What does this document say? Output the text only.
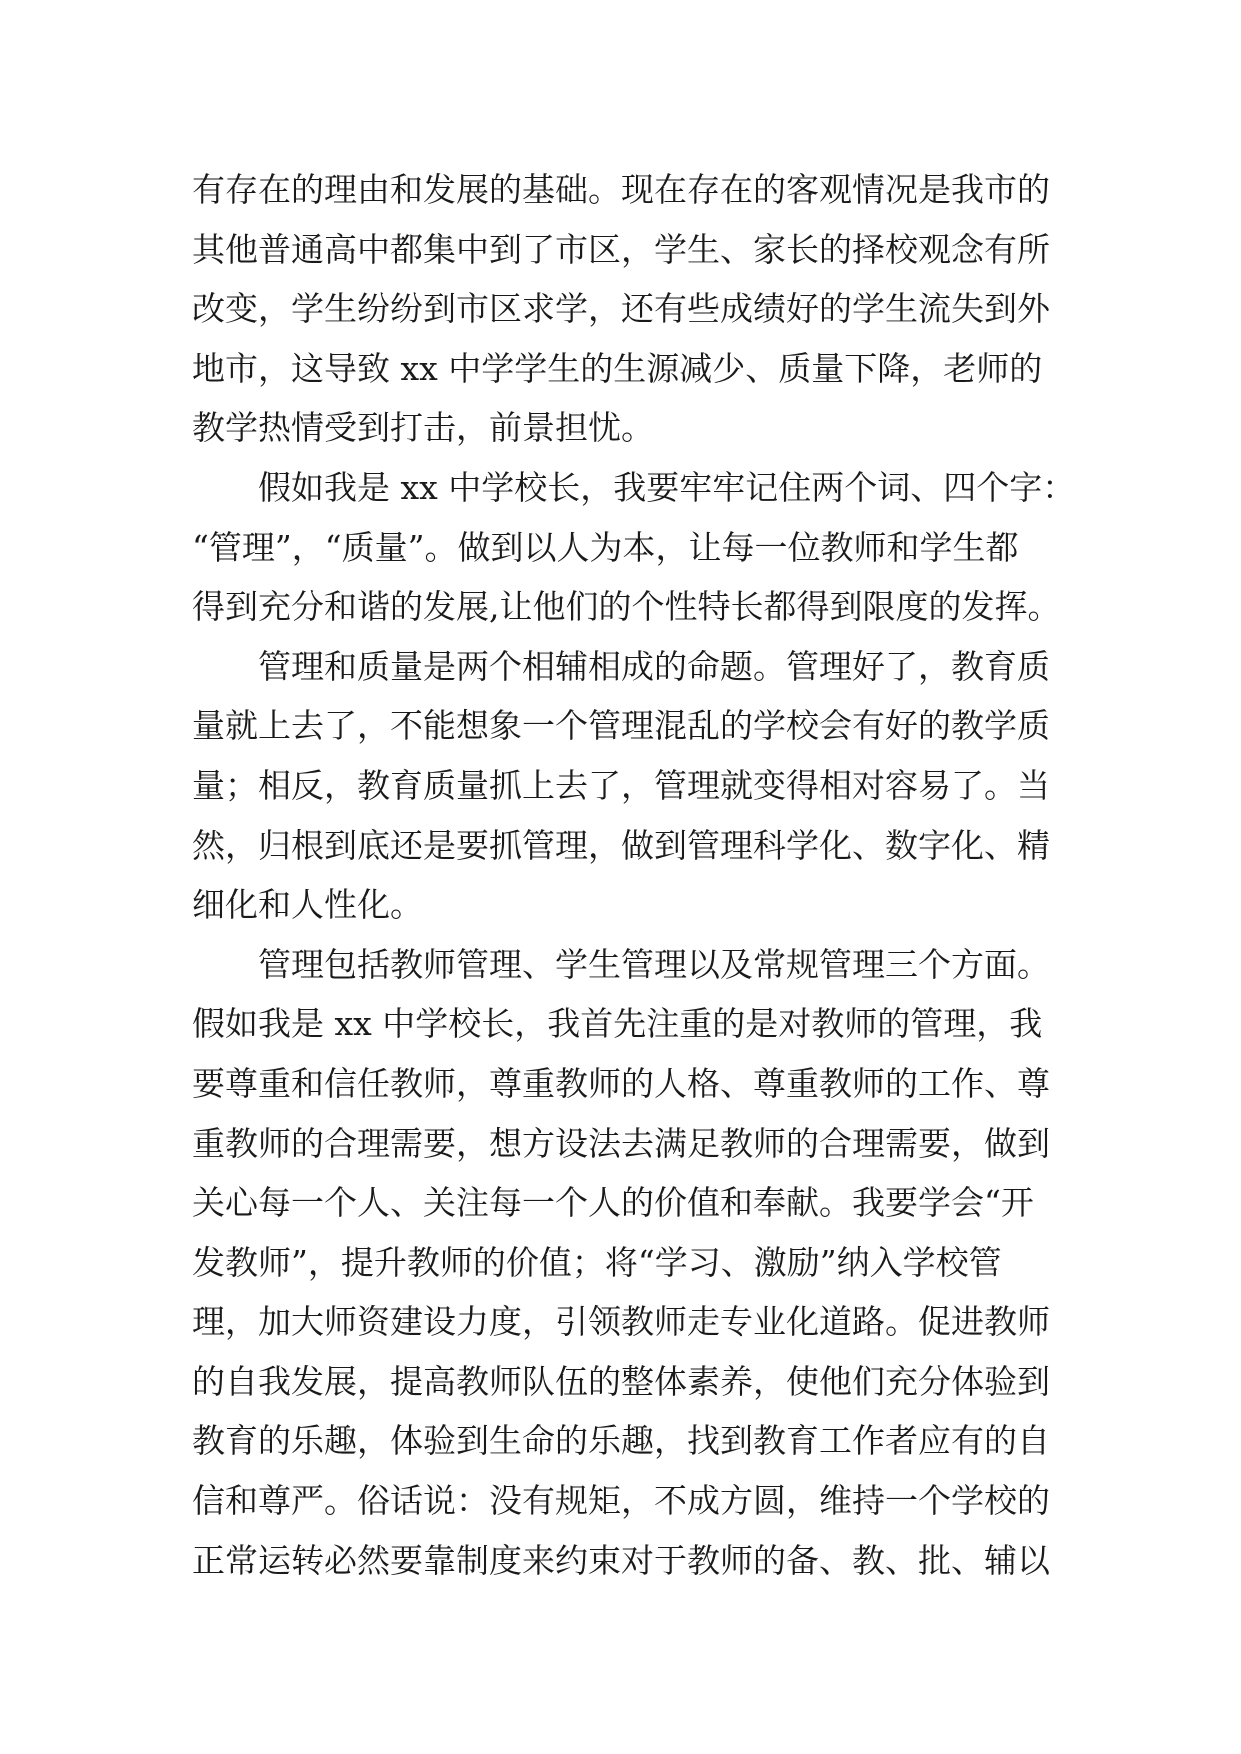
有存在的理由和发展的基础。现在存在的客观情况是我市的
其他普通高中都集中到了市区，学生、家长的择校观念有所
改变，学生纷纷到市区求学，还有些成绩好的学生流失到外
地市，这导致 xx 中学学生的生源减少、质量下降，老师的
教学热情受到打击，前景担忧。
假如我是 xx 中学校长，我要牢牢记住两个词、四个字：
“管理”，“质量”。做到以人为本，让每一位教师和学生都
得到充分和谐的发展,让他们的个性特长都得到限度的发挥。
管理和质量是两个相辅相成的命题。管理好了，教育质
量就上去了，不能想象一个管理混乱的学校会有好的教学质
量；相反，教育质量抓上去了，管理就变得相对容易了。当
然，归根到底还是要抓管理，做到管理科学化、数字化、精
细化和人性化。
管理包括教师管理、学生管理以及常规管理三个方面。
假如我是 xx 中学校长，我首先注重的是对教师的管理，我
要尊重和信任教师，尊重教师的人格、尊重教师的工作、尊
重教师的合理需要，想方设法去满足教师的合理需要，做到
关心每一个人、关注每一个人的价值和奉献。我要学会“开
发教师”，提升教师的价值；将“学习、激励”纳入学校管
理，加大师资建设力度，引领教师走专业化道路。促进教师
的自我发展，提高教师队伍的整体素养，使他们充分体验到
教育的乐趣，体验到生命的乐趣，找到教育工作者应有的自
信和尊严。俗话说：没有规矩，不成方圆，维持一个学校的
正常运转必然要靠制度来约束对于教师的备、教、批、辅以
